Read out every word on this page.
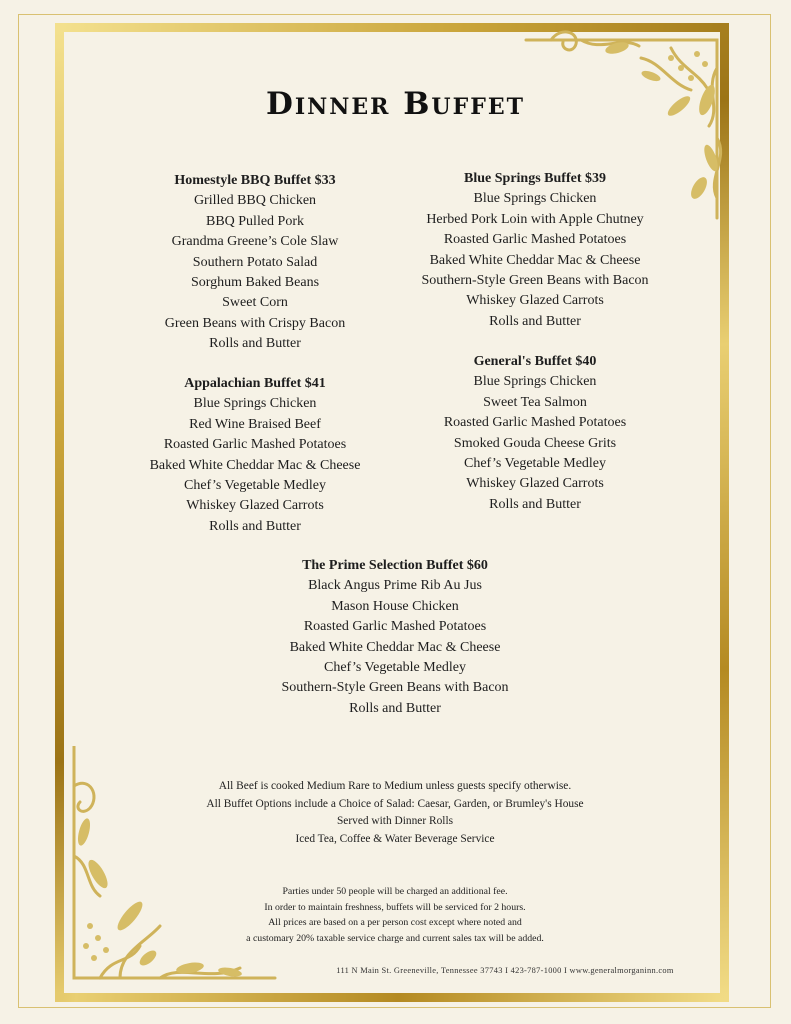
Dinner Buffet
Homestyle BBQ Buffet $33
Grilled BBQ Chicken
BBQ Pulled Pork
Grandma Greene’s Cole Slaw
Southern Potato Salad
Sorghum Baked Beans
Sweet Corn
Green Beans with Crispy Bacon
Rolls and Butter
Appalachian Buffet $41
Blue Springs Chicken
Red Wine Braised Beef
Roasted Garlic Mashed Potatoes
Baked White Cheddar Mac & Cheese
Chef’s Vegetable Medley
Whiskey Glazed Carrots
Rolls and Butter
Blue Springs Buffet $39
Blue Springs Chicken
Herbed Pork Loin with Apple Chutney
Roasted Garlic Mashed Potatoes
Baked White Cheddar Mac & Cheese
Southern-Style Green Beans with Bacon
Whiskey Glazed Carrots
Rolls and Butter
General's Buffet $40
Blue Springs Chicken
Sweet Tea Salmon
Roasted Garlic Mashed Potatoes
Smoked Gouda Cheese Grits
Chef’s Vegetable Medley
Whiskey Glazed Carrots
Rolls and Butter
The Prime Selection Buffet $60
Black Angus Prime Rib Au Jus
Mason House Chicken
Roasted Garlic Mashed Potatoes
Baked White Cheddar Mac & Cheese
Chef’s Vegetable Medley
Southern-Style Green Beans with Bacon
Rolls and Butter
All Beef is cooked Medium Rare to Medium unless guests specify otherwise.
All Buffet Options include a Choice of Salad: Caesar, Garden, or Brumley's House
Served with Dinner Rolls
Iced Tea, Coffee & Water Beverage Service
Parties under 50 people will be charged an additional fee.
In order to maintain freshness, buffets will be serviced for 2 hours.
All prices are based on a per person cost except where noted and
a customary 20% taxable service charge and current sales tax will be added.
111 N Main St. Greeneville, Tennessee 37743 I 423-787-1000 I www.generalmorganinn.com
